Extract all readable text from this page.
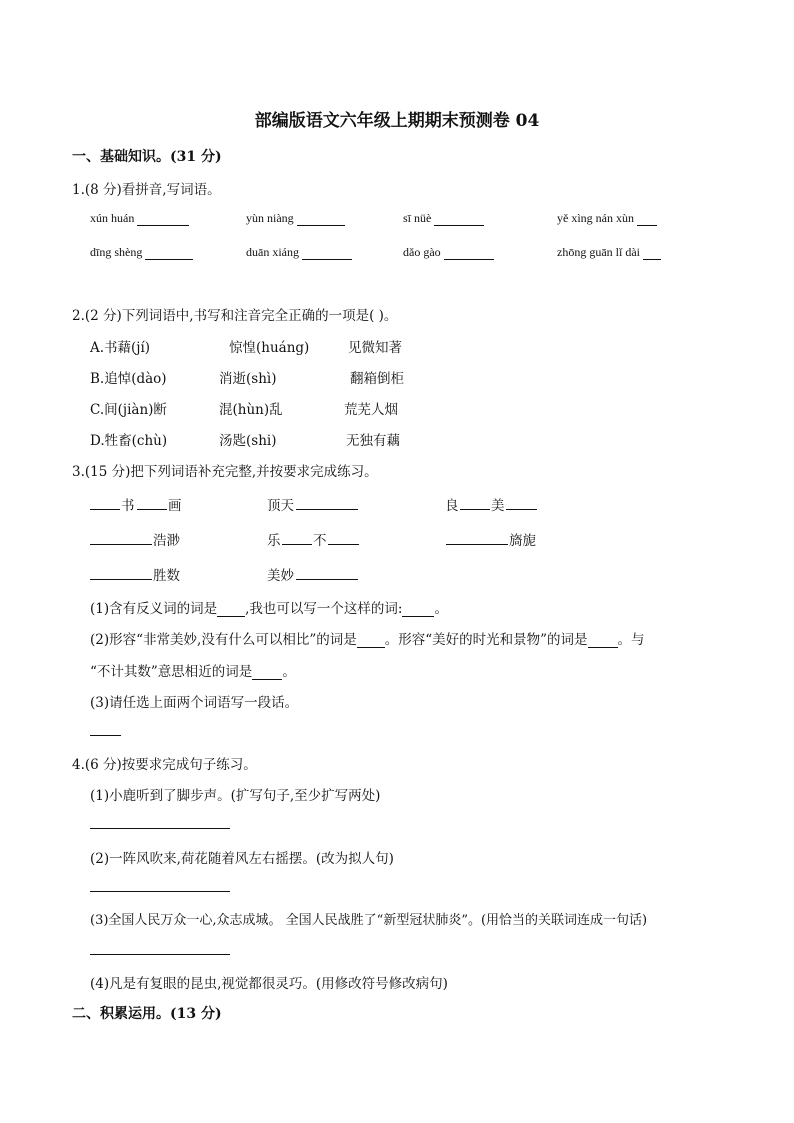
部编版语文六年级上期期末预测卷 04
一、基础知识。(31 分)
1.(8 分)看拼音,写词语。
xún huán	yùn niàng	sī nüè	yě xìng nán xùn
dīng shèng	duān xiáng	dǎo gào	zhōng guān lǐ dài
2.(2 分)下列词语中,书写和注音完全正确的一项是( )。
A.书藉(jí)	惊惶(huáng)	见微知著
B.追悼(dào)	消逝(shì)	翻箱倒柜
C.间(jiàn)断	混(hùn)乱	荒芜人烟
D.牲畜(chù)	汤匙(shi)	无独有藕
3.(15 分)把下列词语补充完整,并按要求完成练习。
书 画	顶天	良 美
浩渺	乐 不	旖旎
胜数	美妙
(1)含有反义词的词是 ,我也可以写一个这样的词: 。
(2)形容“非常美妙,没有什么可以相比”的词是 。形容“美好的时光和景物”的词是 。与
“不计其数”意思相近的词是 。
(3)请任选上面两个词语写一段话。
4.(6 分)按要求完成句子练习。
(1)小鹿听到了脚步声。(扩写句子,至少扩写两处)
(2)一阵风吹来,荷花随着风左右摇摆。(改为拟人句)
(3)全国人民万众一心,众志成城。 全国人民战胜了“新型冠状肺炎”。(用恰当的关联词连成一句话)
(4)凡是有复眼的昆虫,视觉都很灵巧。(用修改符号修改病句)
二、积累运用。(13 分)
